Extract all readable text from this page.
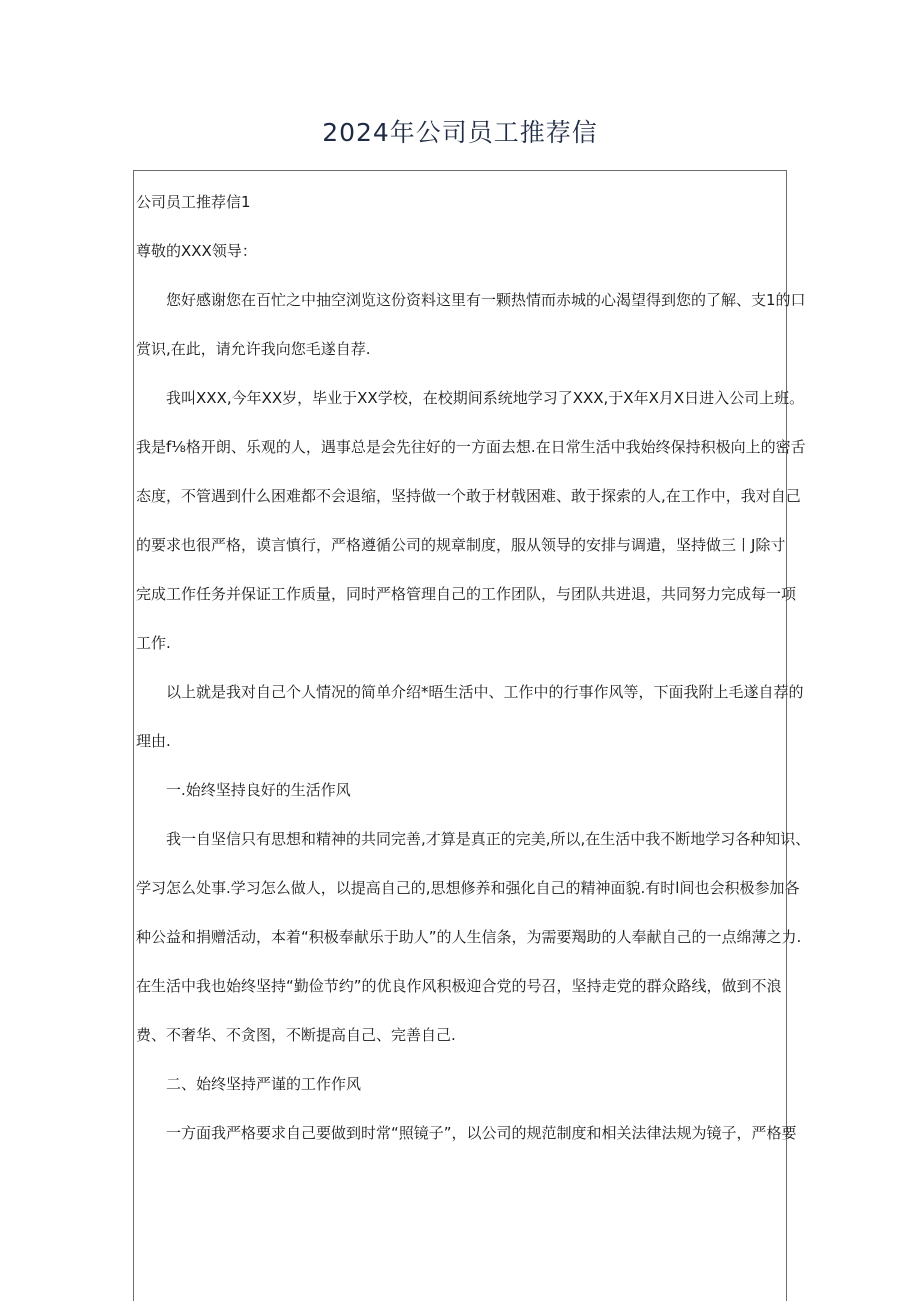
2024年公司员工推荐信
公司员工推荐信1
尊敬的XXX领导：
您好感谢您在百忙之中抽空浏览这份资料这里有一颗热情而赤城的心渴望得到您的了解、支1的口
赏识,在此，请允许我向您毛遂自荐.
我叫XXX,今年XX岁，毕业于XX学校，在校期间系统地学习了XXX,于X年X月X日进入公司上班。
我是f⅛格开朗、乐观的人，遇事总是会先往好的一方面去想.在日常生活中我始终保持积极向上的密舌
态度，不管遇到什么困难都不会退缩，坚持做一个敢于材戟困难、敢于探索的人,在工作中，我对自己
的要求也很严格，谟言慎行，严格遵循公司的规章制度，服从领导的安排与调遣，坚持做三丨J除寸
完成工作任务并保证工作质量，同时严格管理自己的工作团队，与团队共进退，共同努力完成每一项
工作.
以上就是我对自己个人情况的简单介绍*晤生活中、工作中的行事作风等，下面我附上毛遂自荐的
理由.
一.始终坚持良好的生活作风
我一自坚信只有思想和精神的共同完善,才算是真正的完美,所以,在生活中我不断地学习各种知识、
学习怎么处事.学习怎么做人，以提高自己的,思想修养和强化自己的精神面貌.有时l间也会积极参加各
种公益和捐赠活动，本着“积极奉献乐于助人”的人生信条，为需要羯助的人奉献自己的一点绵薄之力.
在生活中我也始终坚持“勤俭节约”的优良作风积极迎合党的号召，坚持走党的群众路线，做到不浪
费、不奢华、不贪图，不断提高自己、完善自己.
二、始终坚持严谨的工作作风
一方面我严格要求自己要做到时常“照镜子”，以公司的规范制度和相关法律法规为镜子，严格要
